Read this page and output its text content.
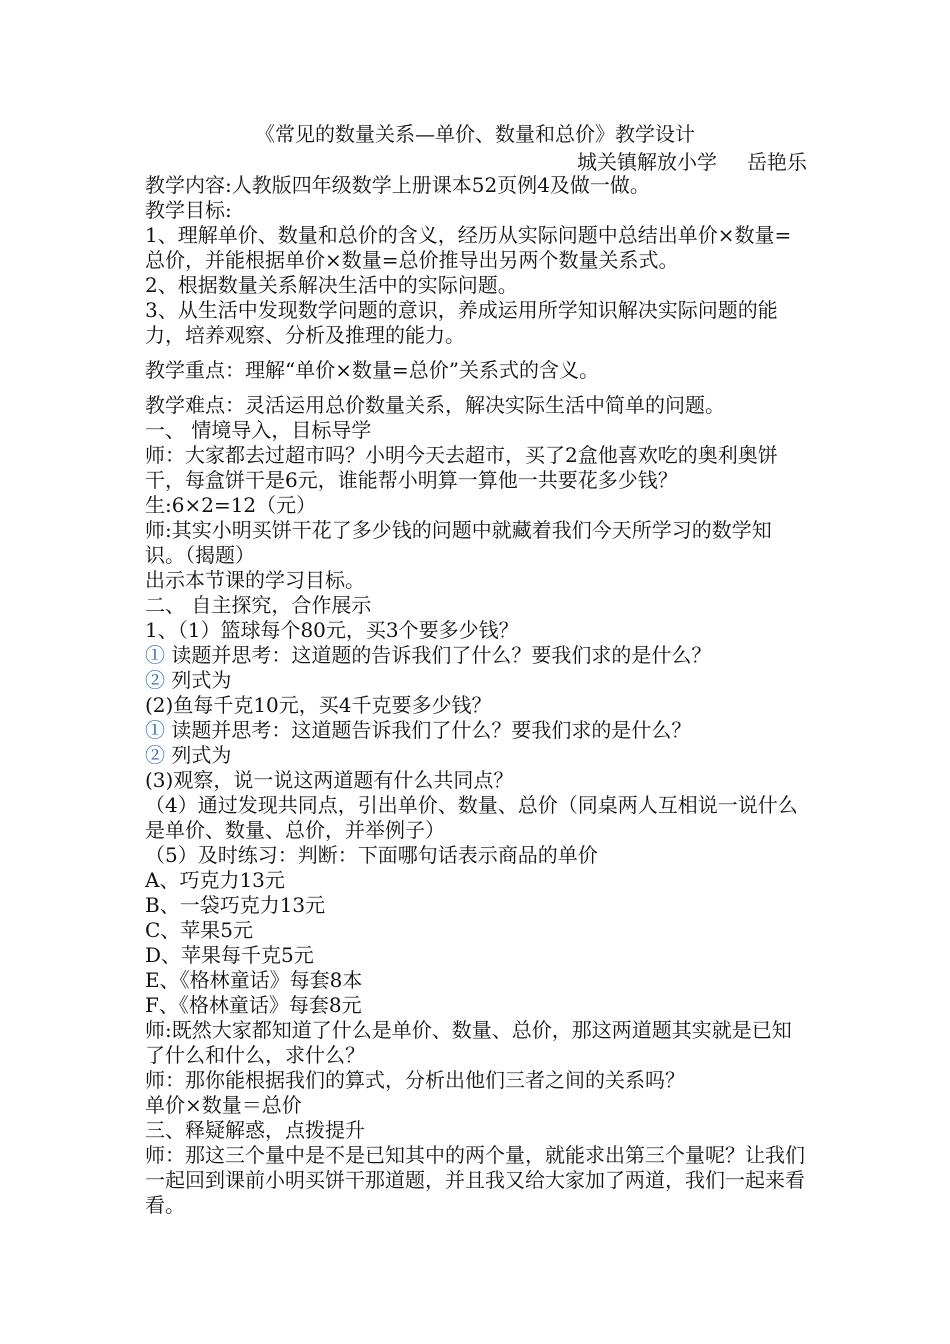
《常见的数量关系—单价、数量和总价》教学设计
城关镇解放小学 岳艳乐

教学内容:人教版四年级数学上册课本52页例4及做一做。

教学目标:

1、理解单价、数量和总价的含义，经历从实际问题中总结出单价×数量=总价，并能根据单价×数量=总价推导出另两个数量关系式。

2、根据数量关系解决生活中的实际问题。

3、从生活中发现数学问题的意识，养成运用所学知识解决实际问题的能力，培养观察、分析及推理的能力。

教学重点：理解“单价×数量=总价”关系式的含义。

教学难点：灵活运用总价数量关系，解决实际生活中简单的问题。

一、 情境导入，目标导学

师：大家都去过超市吗？小明今天去超市，买了2盒他喜欢吃的奥利奥饼干，每盒饼干是6元，谁能帮小明算一算他一共要花多少钱？

生:6×2=12（元）

师:其实小明买饼干花了多少钱的问题中就藏着我们今天所学习的数学知识。（揭题）

出示本节课的学习目标。

二、 自主探究，合作展示

1、（1）篮球每个80元，买3个要多少钱？

① 读题并思考：这道题的告诉我们了什么？要我们求的是什么？

② 列式为

(2)鱼每千克10元，买4千克要多少钱？

① 读题并思考：这道题告诉我们了什么？要我们求的是什么？

② 列式为

(3)观察，说一说这两道题有什么共同点？

（4）通过发现共同点，引出单价、数量、总价（同桌两人互相说一说什么是单价、数量、总价，并举例子）

（5）及时练习：判断：下面哪句话表示商品的单价

A、巧克力13元

B、一袋巧克力13元

C、苹果5元

D、苹果每千克5元

E、《格林童话》每套8本

F、《格林童话》每套8元

师:既然大家都知道了什么是单价、数量、总价，那这两道题其实就是已知了什么和什么，求什么？

师：那你能根据我们的算式，分析出他们三者之间的关系吗？

单价×数量＝总价

三、释疑解惑，点拨提升

师：那这三个量中是不是已知其中的两个量，就能求出第三个量呢？让我们一起回到课前小明买饼干那道题，并且我又给大家加了两道，我们一起来看看。
